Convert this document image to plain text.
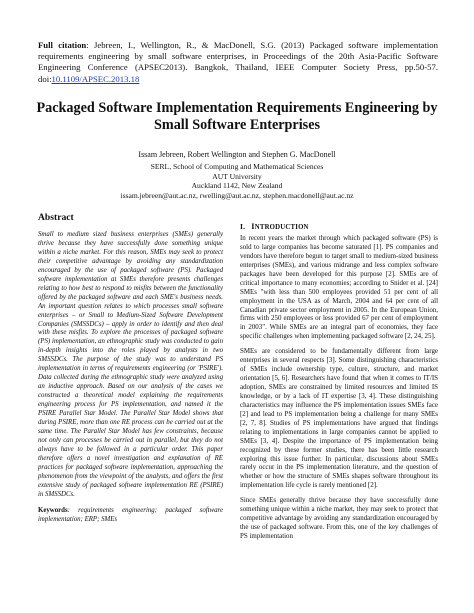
Full citation: Jebreen, I., Wellington, R., & MacDonell, S.G. (2013) Packaged software implementation requirements engineering by small software enterprises, in Proceedings of the 20th Asia-Pacific Software Engineering Conference (APSEC2013). Bangkok, Thailand, IEEE Computer Society Press, pp.50-57. doi:10.1109/APSEC.2013.18
Packaged Software Implementation Requirements Engineering by Small Software Enterprises
Issam Jebreen, Robert Wellington and Stephen G. MacDonell
SERL, School of Computing and Mathematical Sciences
AUT University
Auckland 1142, New Zealand
issam.jebreen@aut.ac.nz, rwelling@aut.ac.nz, stephen.macdonell@aut.ac.nz
Abstract

Small to medium sized business enterprises (SMEs) generally thrive because they have successfully done something unique within a niche market. For this reason, SMEs may seek to protect their competitive advantage by avoiding any standardization encouraged by the use of packaged software (PS). Packaged software implementation at SMEs therefore presents challenges relating to how best to respond to misfits between the functionality offered by the packaged software and each SME's business needs. An important question relates to which processes small software enterprises – or Small to Medium-Sized Software Development Companies (SMSSDCs) – apply in order to identify and then deal with these misfits. To explore the processes of packaged software (PS) implementation, an ethnographic study was conducted to gain in-depth insights into the roles played by analysts in two SMSSDCs. The purpose of the study was to understand PS implementation in terms of requirements engineering (or 'PSIRE'). Data collected during the ethnographic study were analyzed using an inductive approach. Based on our analysis of the cases we constructed a theoretical model explaining the requirements engineering process for PS implementation, and named it the PSIRE Parallel Star Model. The Parallel Star Model shows that during PSIRE, more than one RE process can be carried out at the same time. The Parallel Star Model has few constraints, because not only can processes be carried out in parallel, but they do not always have to be followed in a particular order. This paper therefore offers a novel investigation and explanation of RE practices for packaged software implementation, approaching the phenomenon from the viewpoint of the analysts, and offers the first extensive study of packaged software implementation RE (PSIRE) in SMSSDCs.

Keywords: requirements engineering; packaged software implementation; ERP; SMEs
I. INTRODUCTION

In recent years the market through which packaged software (PS) is sold to large companies has become saturated [1]. PS companies and vendors have therefore begun to target small to medium-sized business enterprises (SMEs), and various midrange and less complex software packages have been developed for this purpose [2]. SMEs are of critical importance to many economies; according to Snider et al. [24] SMEs "with less than 500 employees provided 51 per cent of all employment in the USA as of March, 2004 and 64 per cent of all Canadian private sector employment in 2005. In the European Union, firms with 250 employees or less provided 67 per cent of employment in 2003". While SMEs are an integral part of economies, they face specific challenges when implementing packaged software [2, 24, 25].

SMEs are considered to be fundamentally different from large enterprises in several respects [3]. Some distinguishing characteristics of SMEs include ownership type, culture, structure, and market orientation [5, 6]. Researchers have found that when it comes to IT/IS adoption, SMEs are constrained by limited resources and limited IS knowledge, or by a lack of IT expertise [3, 4]. These distinguishing characteristics may influence the PS implementation issues SMEs face [2] and lead to PS implementation being a challenge for many SMEs [2, 7, 8]. Studies of PS implementations have argued that findings relating to implementations in large companies cannot be applied to SMEs [3, 4]. Despite the importance of PS implementation being recognized by these former studies, there has been little research exploring this issue further. In particular, discussions about SMEs rarely occur in the PS implementation literature, and the question of whether or how the structure of SMEs shapes software throughout its implementation life cycle is rarely mentioned [2].

Since SMEs generally thrive because they have successfully done something unique within a niche market, they may seek to protect that competitive advantage by avoiding any standardization encouraged by the use of packaged software. From this, one of the key challenges of PS implementation
